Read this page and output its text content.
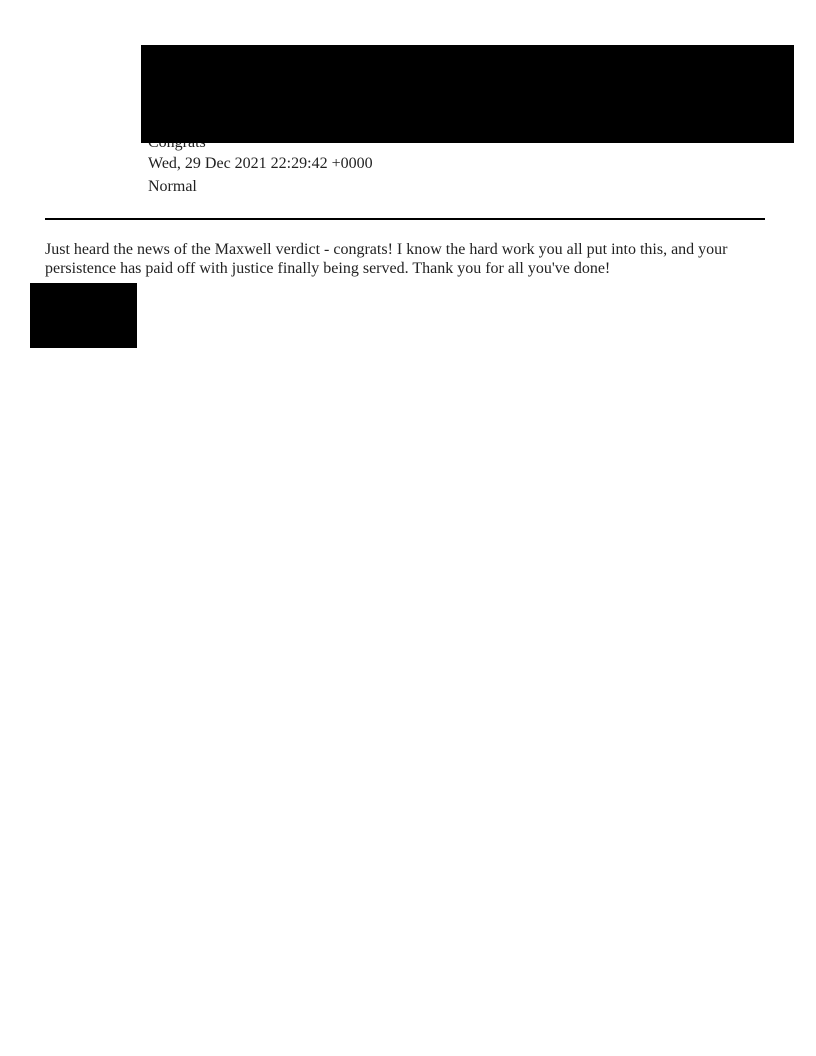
Wed, 29 Dec 2021 22:29:42 +0000
Normal

Just heard the news of the Maxwell verdict - congrats! I know the hard work you all put into this, and your

persistence has paid off with justice finally being served. Thank you for all you've done!
